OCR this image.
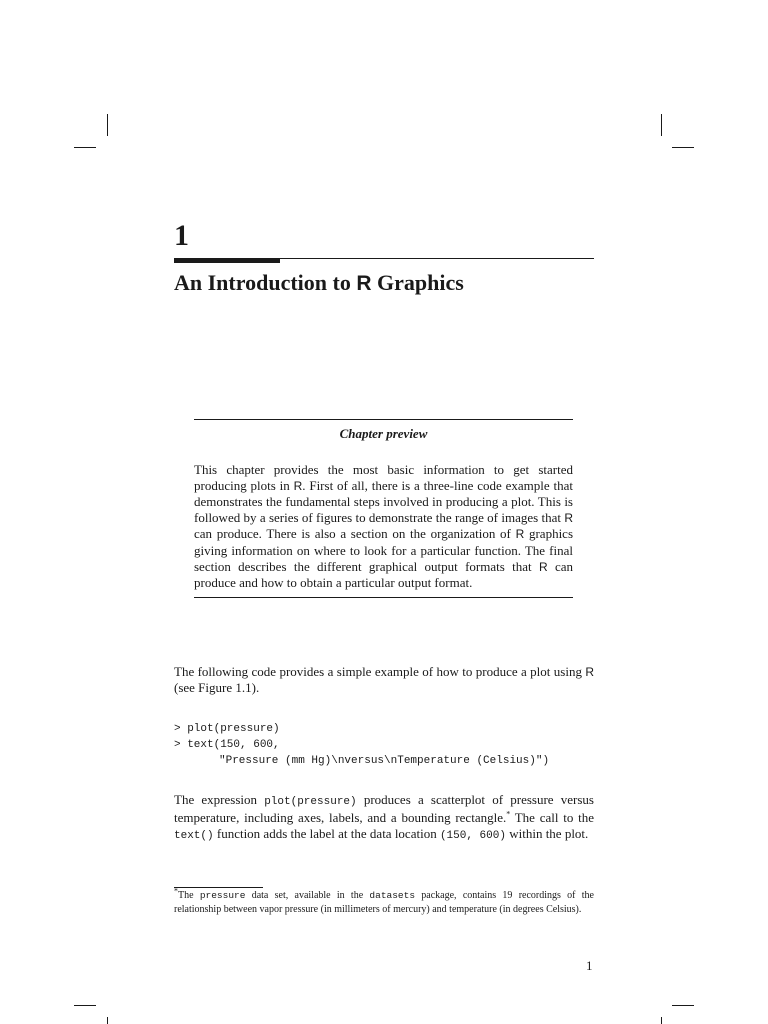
1
An Introduction to R Graphics
Chapter preview
This chapter provides the most basic information to get started producing plots in R. First of all, there is a three-line code example that demonstrates the fundamental steps involved in producing a plot. This is followed by a series of figures to demonstrate the range of images that R can produce. There is also a section on the organization of R graphics giving information on where to look for a particular function. The final section describes the different graphical output formats that R can produce and how to obtain a particular output format.
The following code provides a simple example of how to produce a plot using R (see Figure 1.1).
> plot(pressure)
> text(150, 600,
"Pressure (mm Hg)\nversus\nTemperature (Celsius)")
The expression plot(pressure) produces a scatterplot of pressure versus temperature, including axes, labels, and a bounding rectangle.* The call to the text() function adds the label at the data location (150, 600) within the plot.
*The pressure data set, available in the datasets package, contains 19 recordings of the relationship between vapor pressure (in millimeters of mercury) and temperature (in degrees Celsius).
1
